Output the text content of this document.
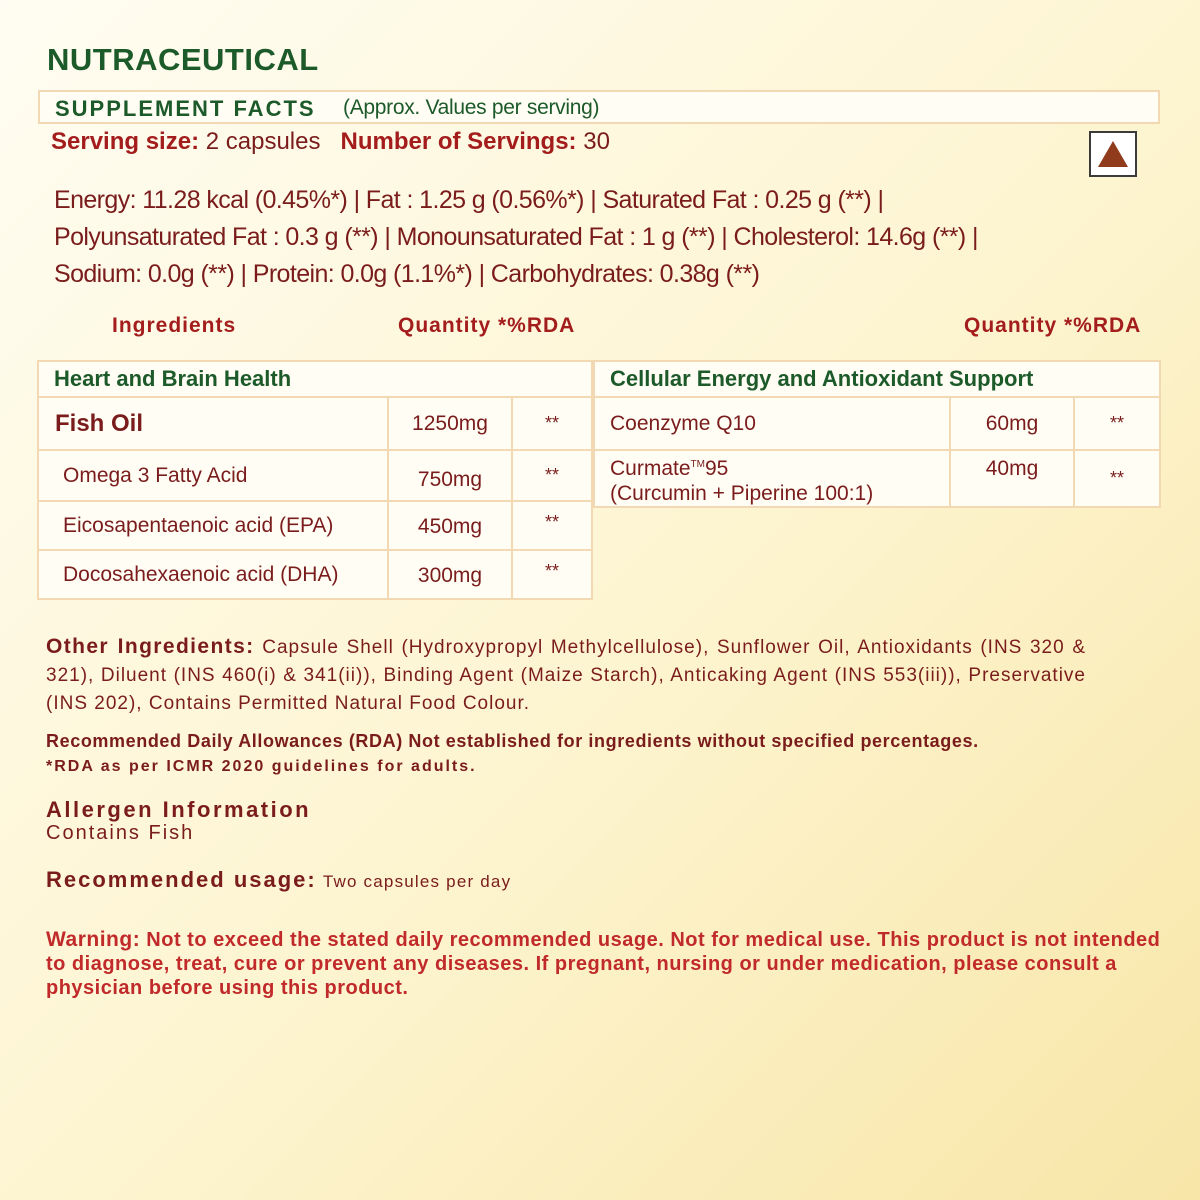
NUTRACEUTICAL
SUPPLEMENT FACTS (Approx. Values per serving)
Serving size: 2 capsules Number of Servings: 30
Energy: 11.28 kcal (0.45%*) | Fat : 1.25 g (0.56%*) | Saturated Fat : 0.25 g (**) |
Polyunsaturated Fat : 0.3 g (**) | Monounsaturated Fat : 1 g (**) | Cholesterol: 14.6g (**) |
Sodium: 0.0g (**) | Protein: 0.0g (1.1%*) | Carbohydrates: 0.38g (**)
Ingredients	Quantity *%RDA	Quantity *%RDA
Heart and Brain Health		
Fish Oil	1250mg	**
Omega 3 Fatty Acid	750mg	**
Eicosapentaenoic acid (EPA)	450mg	**
Docosahexaenoic acid (DHA)	300mg	**
Cellular Energy and Antioxidant Support		
Coenzyme Q10	60mg	**
Curmate™95
(Curcumin + Piperine 100:1)	40mg	**
Other Ingredients: Capsule Shell (Hydroxypropyl Methylcellulose), Sunflower Oil, Antioxidants (INS 320 & 321), Diluent (INS 460(i) & 341(ii)), Binding Agent (Maize Starch), Anticaking Agent (INS 553(iii)), Preservative (INS 202), Contains Permitted Natural Food Colour.
Recommended Daily Allowances (RDA) Not established for ingredients without specified percentages.
*RDA as per ICMR 2020 guidelines for adults.
Allergen Information
Contains Fish
Recommended usage: Two capsules per day
Warning: Not to exceed the stated daily recommended usage. Not for medical use. This product is not intended to diagnose, treat, cure or prevent any diseases. If pregnant, nursing or under medication, please consult a physician before using this product.
